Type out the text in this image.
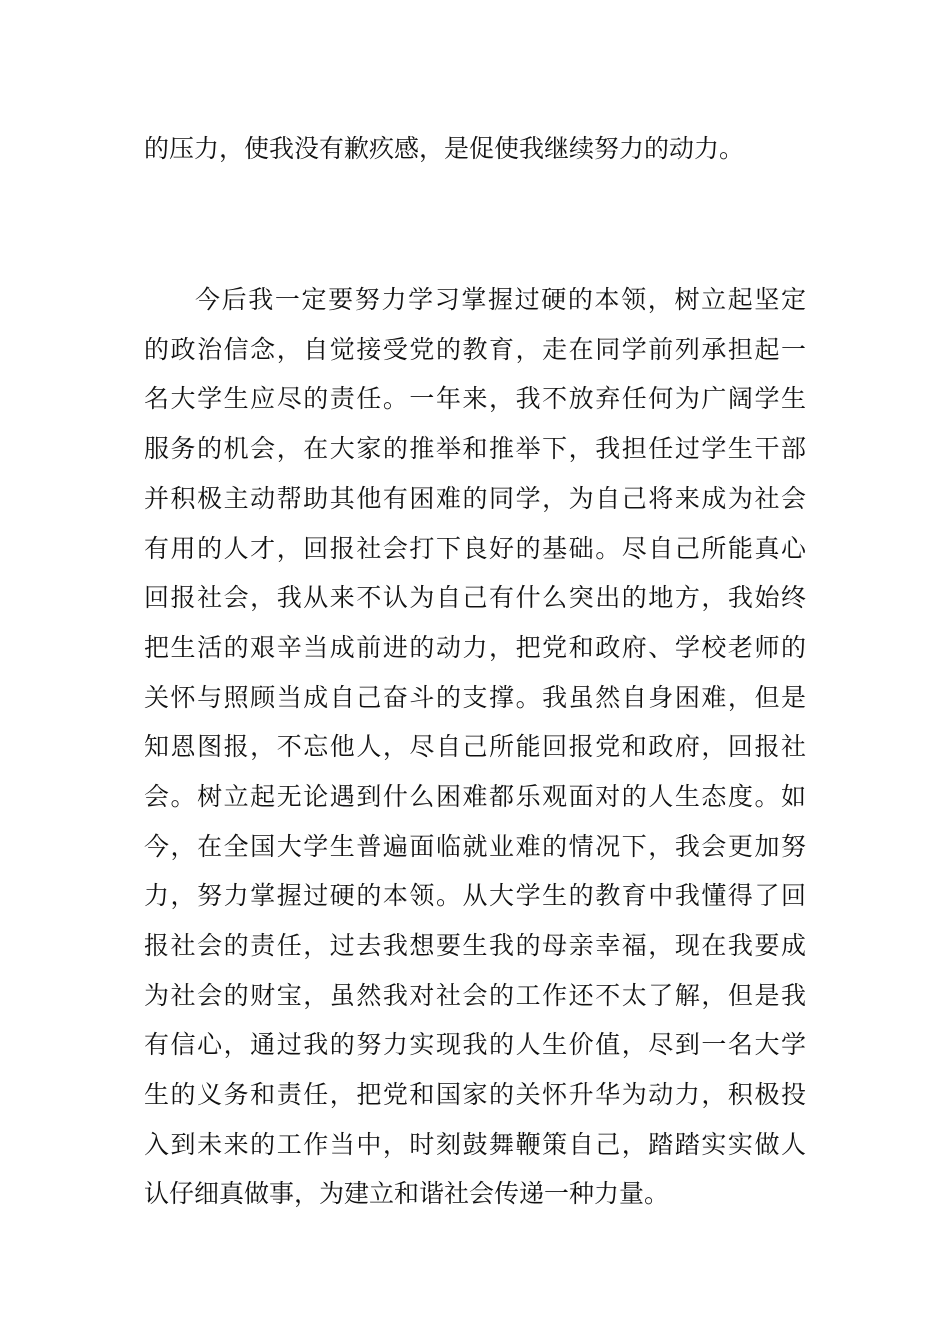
的压力，使我没有歉疚感，是促使我继续努力的动力。
今后我一定要努力学习掌握过硬的本领，树立起坚定
的政治信念，自觉接受党的教育，走在同学前列承担起一
名大学生应尽的责任。一年来，我不放弃任何为广阔学生
服务的机会，在大家的推举和推举下，我担任过学生干部
并积极主动帮助其他有困难的同学，为自己将来成为社会
有用的人才，回报社会打下良好的基础。尽自己所能真心
回报社会，我从来不认为自己有什么突出的地方，我始终
把生活的艰辛当成前进的动力，把党和政府、学校老师的
关怀与照顾当成自己奋斗的支撑。我虽然自身困难，但是
知恩图报，不忘他人，尽自己所能回报党和政府，回报社
会。树立起无论遇到什么困难都乐观面对的人生态度。如
今，在全国大学生普遍面临就业难的情况下，我会更加努
力，努力掌握过硬的本领。从大学生的教育中我懂得了回
报社会的责任，过去我想要生我的母亲幸福，现在我要成
为社会的财宝，虽然我对社会的工作还不太了解，但是我
有信心，通过我的努力实现我的人生价值，尽到一名大学
生的义务和责任，把党和国家的关怀升华为动力，积极投
入到未来的工作当中，时刻鼓舞鞭策自己，踏踏实实做人
认仔细真做事，为建立和谐社会传递一种力量。
